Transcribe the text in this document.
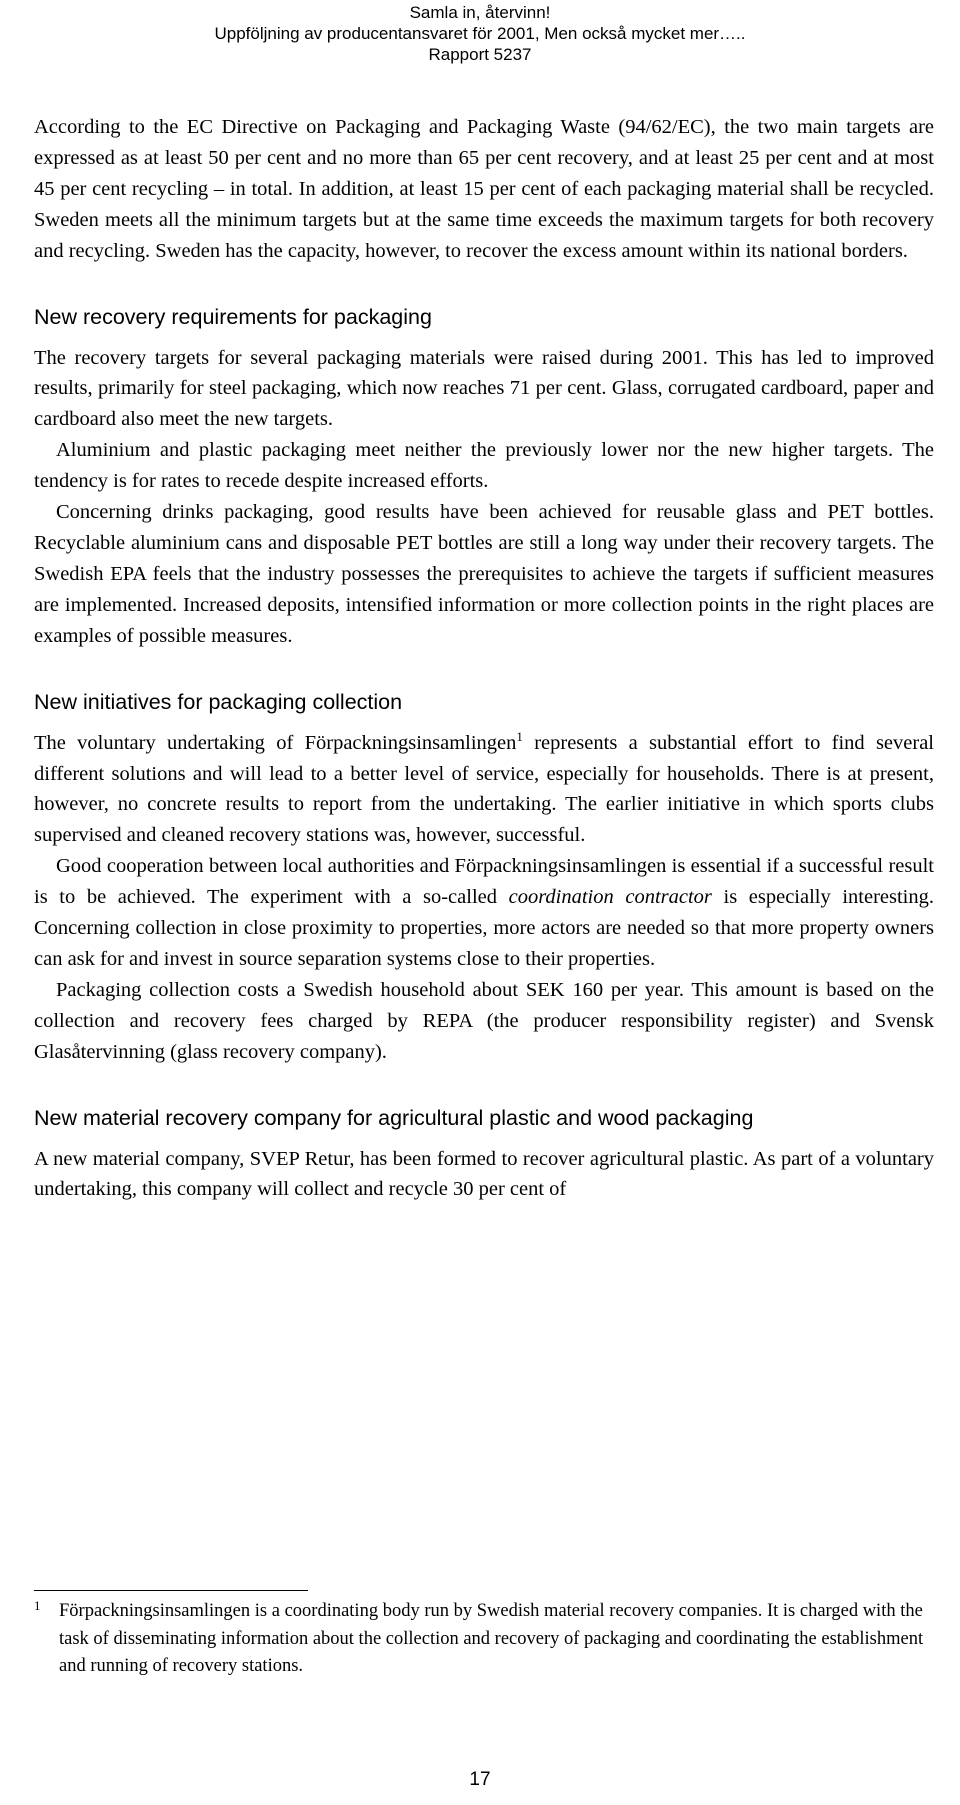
Samla in, återvinn!
Uppföljning av producentansvaret för 2001, Men också mycket mer…..
Rapport 5237

According to the EC Directive on Packaging and Packaging Waste (94/62/EC), the two main targets are expressed as at least 50 per cent and no more than 65 per cent recovery, and at least 25 per cent and at most 45 per cent recycling – in total. In addition, at least 15 per cent of each packaging material shall be recycled. Sweden meets all the minimum targets but at the same time exceeds the maximum targets for both recovery and recycling. Sweden has the capacity, however, to recover the excess amount within its national borders.

New recovery requirements for packaging

The recovery targets for several packaging materials were raised during 2001. This has led to improved results, primarily for steel packaging, which now reaches 71 per cent. Glass, corrugated cardboard, paper and cardboard also meet the new targets.

Aluminium and plastic packaging meet neither the previously lower nor the new higher targets. The tendency is for rates to recede despite increased efforts.

Concerning drinks packaging, good results have been achieved for reusable glass and PET bottles. Recyclable aluminium cans and disposable PET bottles are still a long way under their recovery targets. The Swedish EPA feels that the industry possesses the prerequisites to achieve the targets if sufficient measures are implemented. Increased deposits, intensified information or more collection points in the right places are examples of possible measures.

New initiatives for packaging collection

The voluntary undertaking of Förpackningsinsamlingen$^1$ represents a substantial effort to find several different solutions and will lead to a better level of service, especially for households. There is at present, however, no concrete results to report from the undertaking. The earlier initiative in which sports clubs supervised and cleaned recovery stations was, however, successful.

Good cooperation between local authorities and Förpackningsinsamlingen is essential if a successful result is to be achieved. The experiment with a so-called coordination contractor is especially interesting. Concerning collection in close proximity to properties, more actors are needed so that more property owners can ask for and invest in source separation systems close to their properties.

Packaging collection costs a Swedish household about SEK 160 per year. This amount is based on the collection and recovery fees charged by REPA (the producer responsibility register) and Svensk Glasåtervinning (glass recovery company).

New material recovery company for agricultural plastic and wood packaging

A new material company, SVEP Retur, has been formed to recover agricultural plastic. As part of a voluntary undertaking, this company will collect and recycle 30 per cent of

1 Förpackningsinsamlingen is a coordinating body run by Swedish material recovery companies. It is charged with the task of disseminating information about the collection and recovery of packaging and coordinating the establishment and running of recovery stations.
17
